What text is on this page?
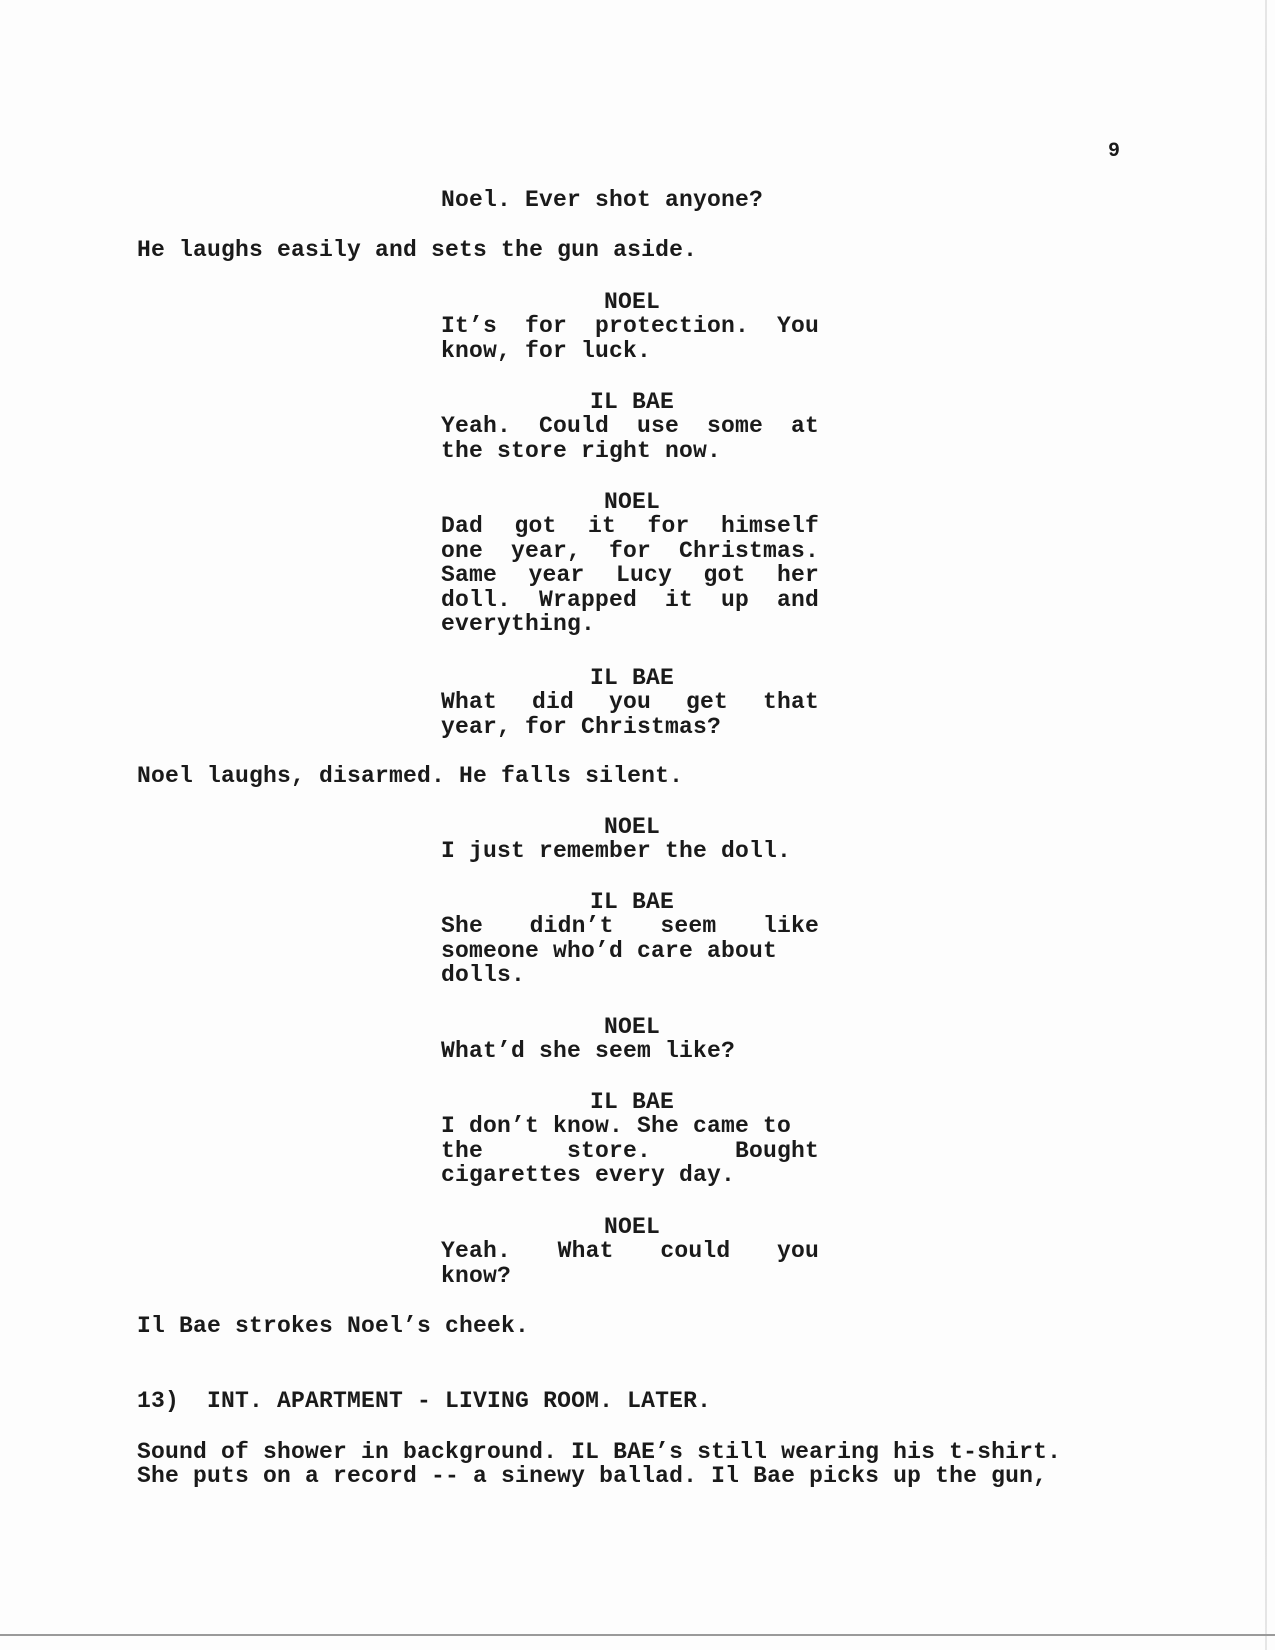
9
Noel. Ever shot anyone?
He laughs easily and sets the gun aside.
NOEL
It’s for protection. You
know, for luck.
IL BAE
Yeah. Could use some at
the store right now.
NOEL
Dad got it for himself
one year, for Christmas.
Same year Lucy got her
doll. Wrapped it up and
everything.
IL BAE
What did you get that
year, for Christmas?
Noel laughs, disarmed. He falls silent.
NOEL
I just remember the doll.
IL BAE
She didn’t seem like
someone who’d care about
dolls.
NOEL
What’d she seem like?
IL BAE
I don’t know. She came to
the	store.	Bought
cigarettes every day.
NOEL
Yeah. What could you
know?
Il Bae strokes Noel’s cheek.
13)  INT. APARTMENT - LIVING ROOM. LATER.
Sound of shower in background. IL BAE’s still wearing his t-shirt.
She puts on a record -- a sinewy ballad. Il Bae picks up the gun,
